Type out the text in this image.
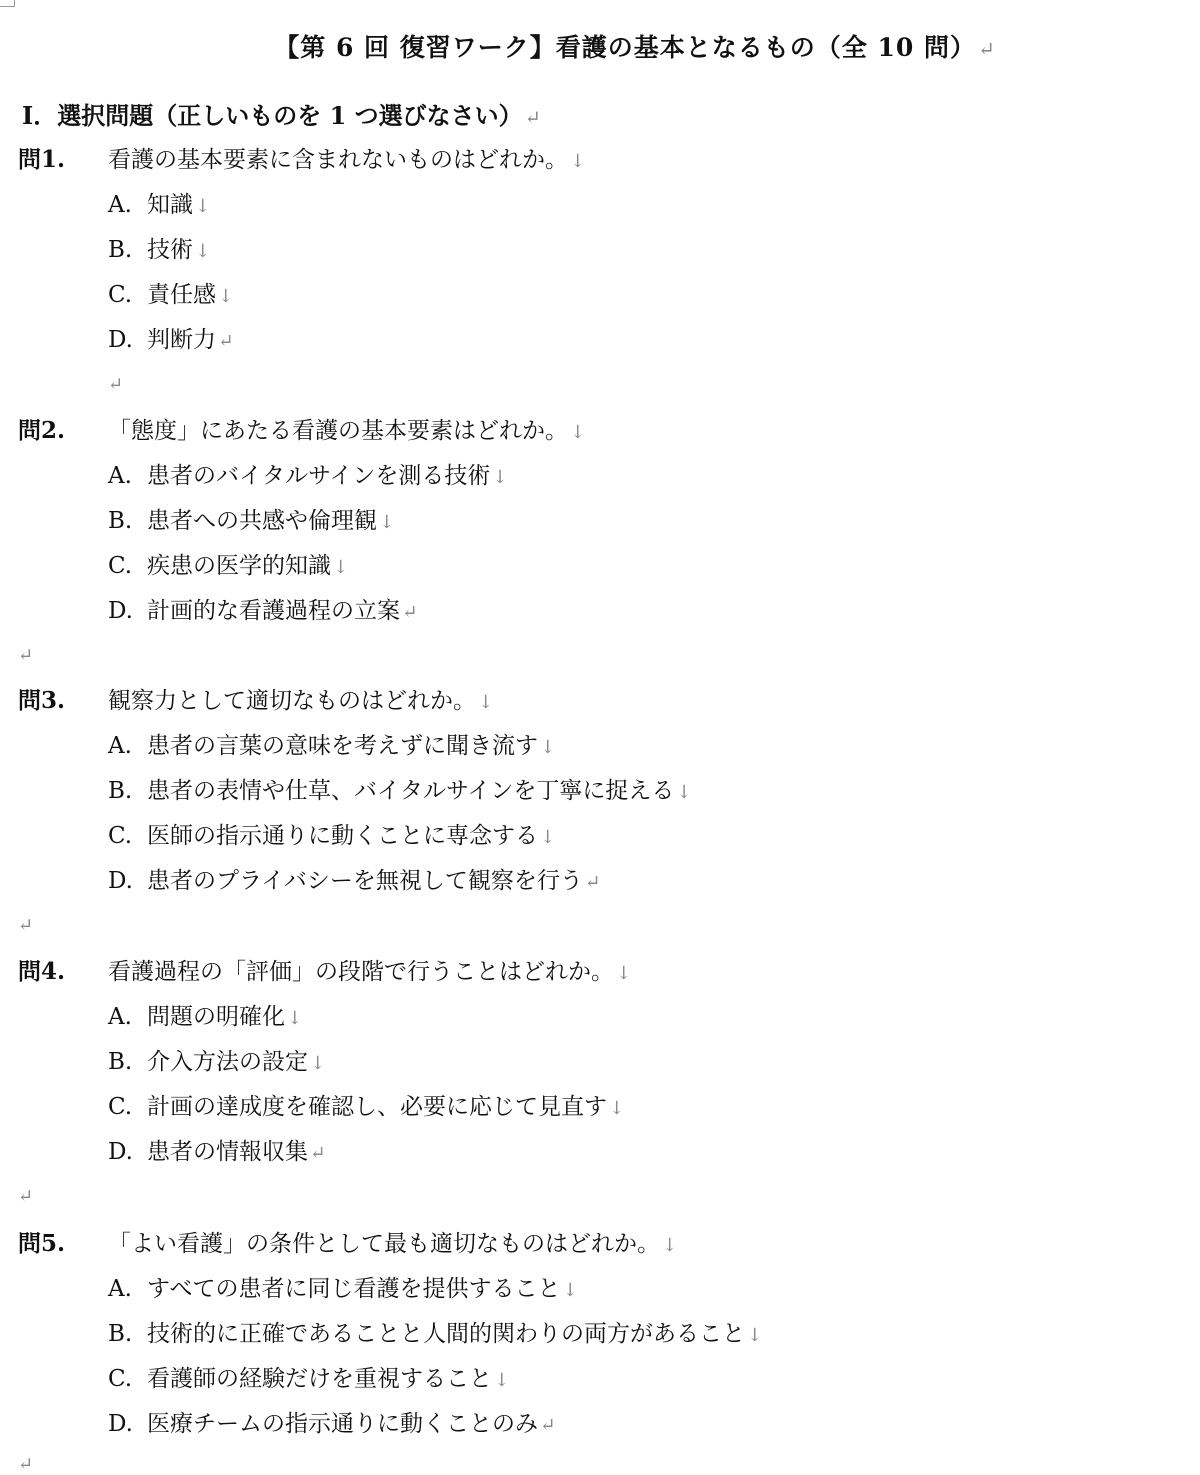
【第 6 回 復習ワーク】看護の基本となるもの（全 10 問） ↵
Ⅰ．選択問題（正しいものを 1 つ選びなさい） ↵
問1. 看護の基本要素に含まれないものはどれか。 ↓
A. 知識 ↓
B. 技術 ↓
C. 責任感 ↓
D. 判断力 ↵
↵
問2. 「態度」にあたる看護の基本要素はどれか。 ↓
A. 患者のバイタルサインを測る技術 ↓
B. 患者への共感や倫理観 ↓
C. 疾患の医学的知識 ↓
D. 計画的な看護過程の立案 ↵
↵
問3. 観察力として適切なものはどれか。 ↓
A. 患者の言葉の意味を考えずに聞き流す ↓
B. 患者の表情や仕草、バイタルサインを丁寧に捉える ↓
C. 医師の指示通りに動くことに専念する ↓
D. 患者のプライバシーを無視して観察を行う ↵
↵
問4. 看護過程の「評価」の段階で行うことはどれか。 ↓
A. 問題の明確化 ↓
B. 介入方法の設定 ↓
C. 計画の達成度を確認し、必要に応じて見直す ↓
D. 患者の情報収集 ↵
↵
問5. 「よい看護」の条件として最も適切なものはどれか。 ↓
A. すべての患者に同じ看護を提供すること ↓
B. 技術的に正確であることと人間的関わりの両方があること ↓
C. 看護師の経験だけを重視すること ↓
D. 医療チームの指示通りに動くことのみ ↵
↵
